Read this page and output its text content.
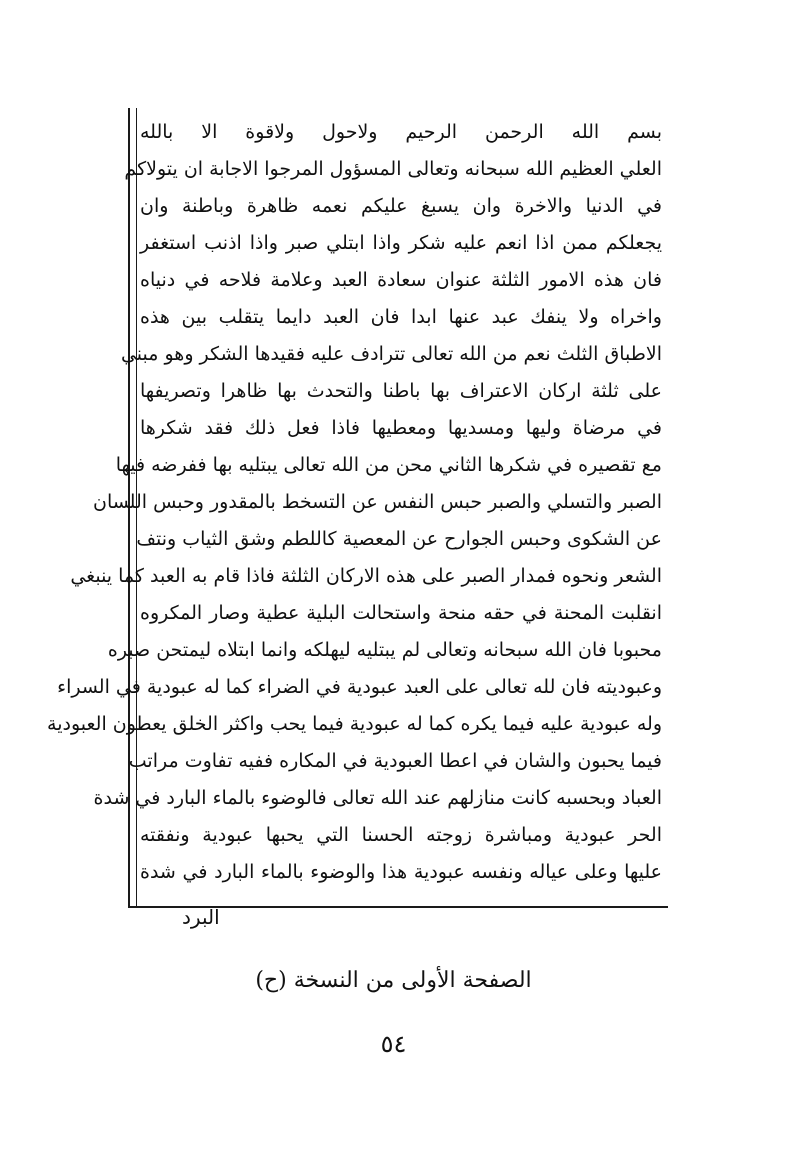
بسم الله الرحمن الرحيم ولاحول ولاقوة الا بالله
العلي العظيم الله سبحانه وتعالى المسؤول المرجوا الاجابة ان يتولاكم
في الدنيا والاخرة وان يسبغ عليكم نعمه ظاهرة وباطنة وان
يجعلكم ممن اذا انعم عليه شكر واذا ابتلي صبر واذا اذنب استغفر
فان هذه الامور الثلثة عنوان سعادة العبد وعلامة فلاحه في دنياه
واخراه ولا ينفك عبد عنها ابدا فان العبد دايما يتقلب بين هذه
الاطباق الثلث نعم من الله تعالى تترادف عليه فقيدها الشكر وهو مبني
على ثلثة اركان الاعتراف بها باطنا والتحدث بها ظاهرا وتصريفها
في مرضاة وليها ومسديها ومعطيها فاذا فعل ذلك فقد شكرها
مع تقصيره في شكرها الثاني محن من الله تعالى يبتليه بها ففرضه فيها
الصبر والتسلي والصبر حبس النفس عن التسخط بالمقدور وحبس اللسان
عن الشكوى وحبس الجوارح عن المعصية كاللطم وشق الثياب ونتف
الشعر ونحوه فمدار الصبر على هذه الاركان الثلثة فاذا قام به العبد كما ينبغي
انقلبت المحنة في حقه منحة واستحالت البلية عطية وصار المكروه
محبوبا فان الله سبحانه وتعالى لم يبتليه ليهلكه وانما ابتلاه ليمتحن صبره
وعبوديته فان لله تعالى على العبد عبودية في الضراء كما له عبودية في السراء
وله عبودية عليه فيما يكره كما له عبودية فيما يحب واكثر الخلق يعطون العبودية
فيما يحبون والشان في اعطا العبودية في المكاره ففيه تفاوت مراتب
العباد وبحسبه كانت منازلهم عند الله تعالى فالوضوء بالماء البارد في شدة
الحر عبودية ومباشرة زوجته الحسنا التي يحبها عبودية ونفقته
عليها وعلى عياله ونفسه عبودية هذا والوضوء بالماء البارد في شدة
البرد
الصفحة الأولى من النسخة (ح)
٥٤
